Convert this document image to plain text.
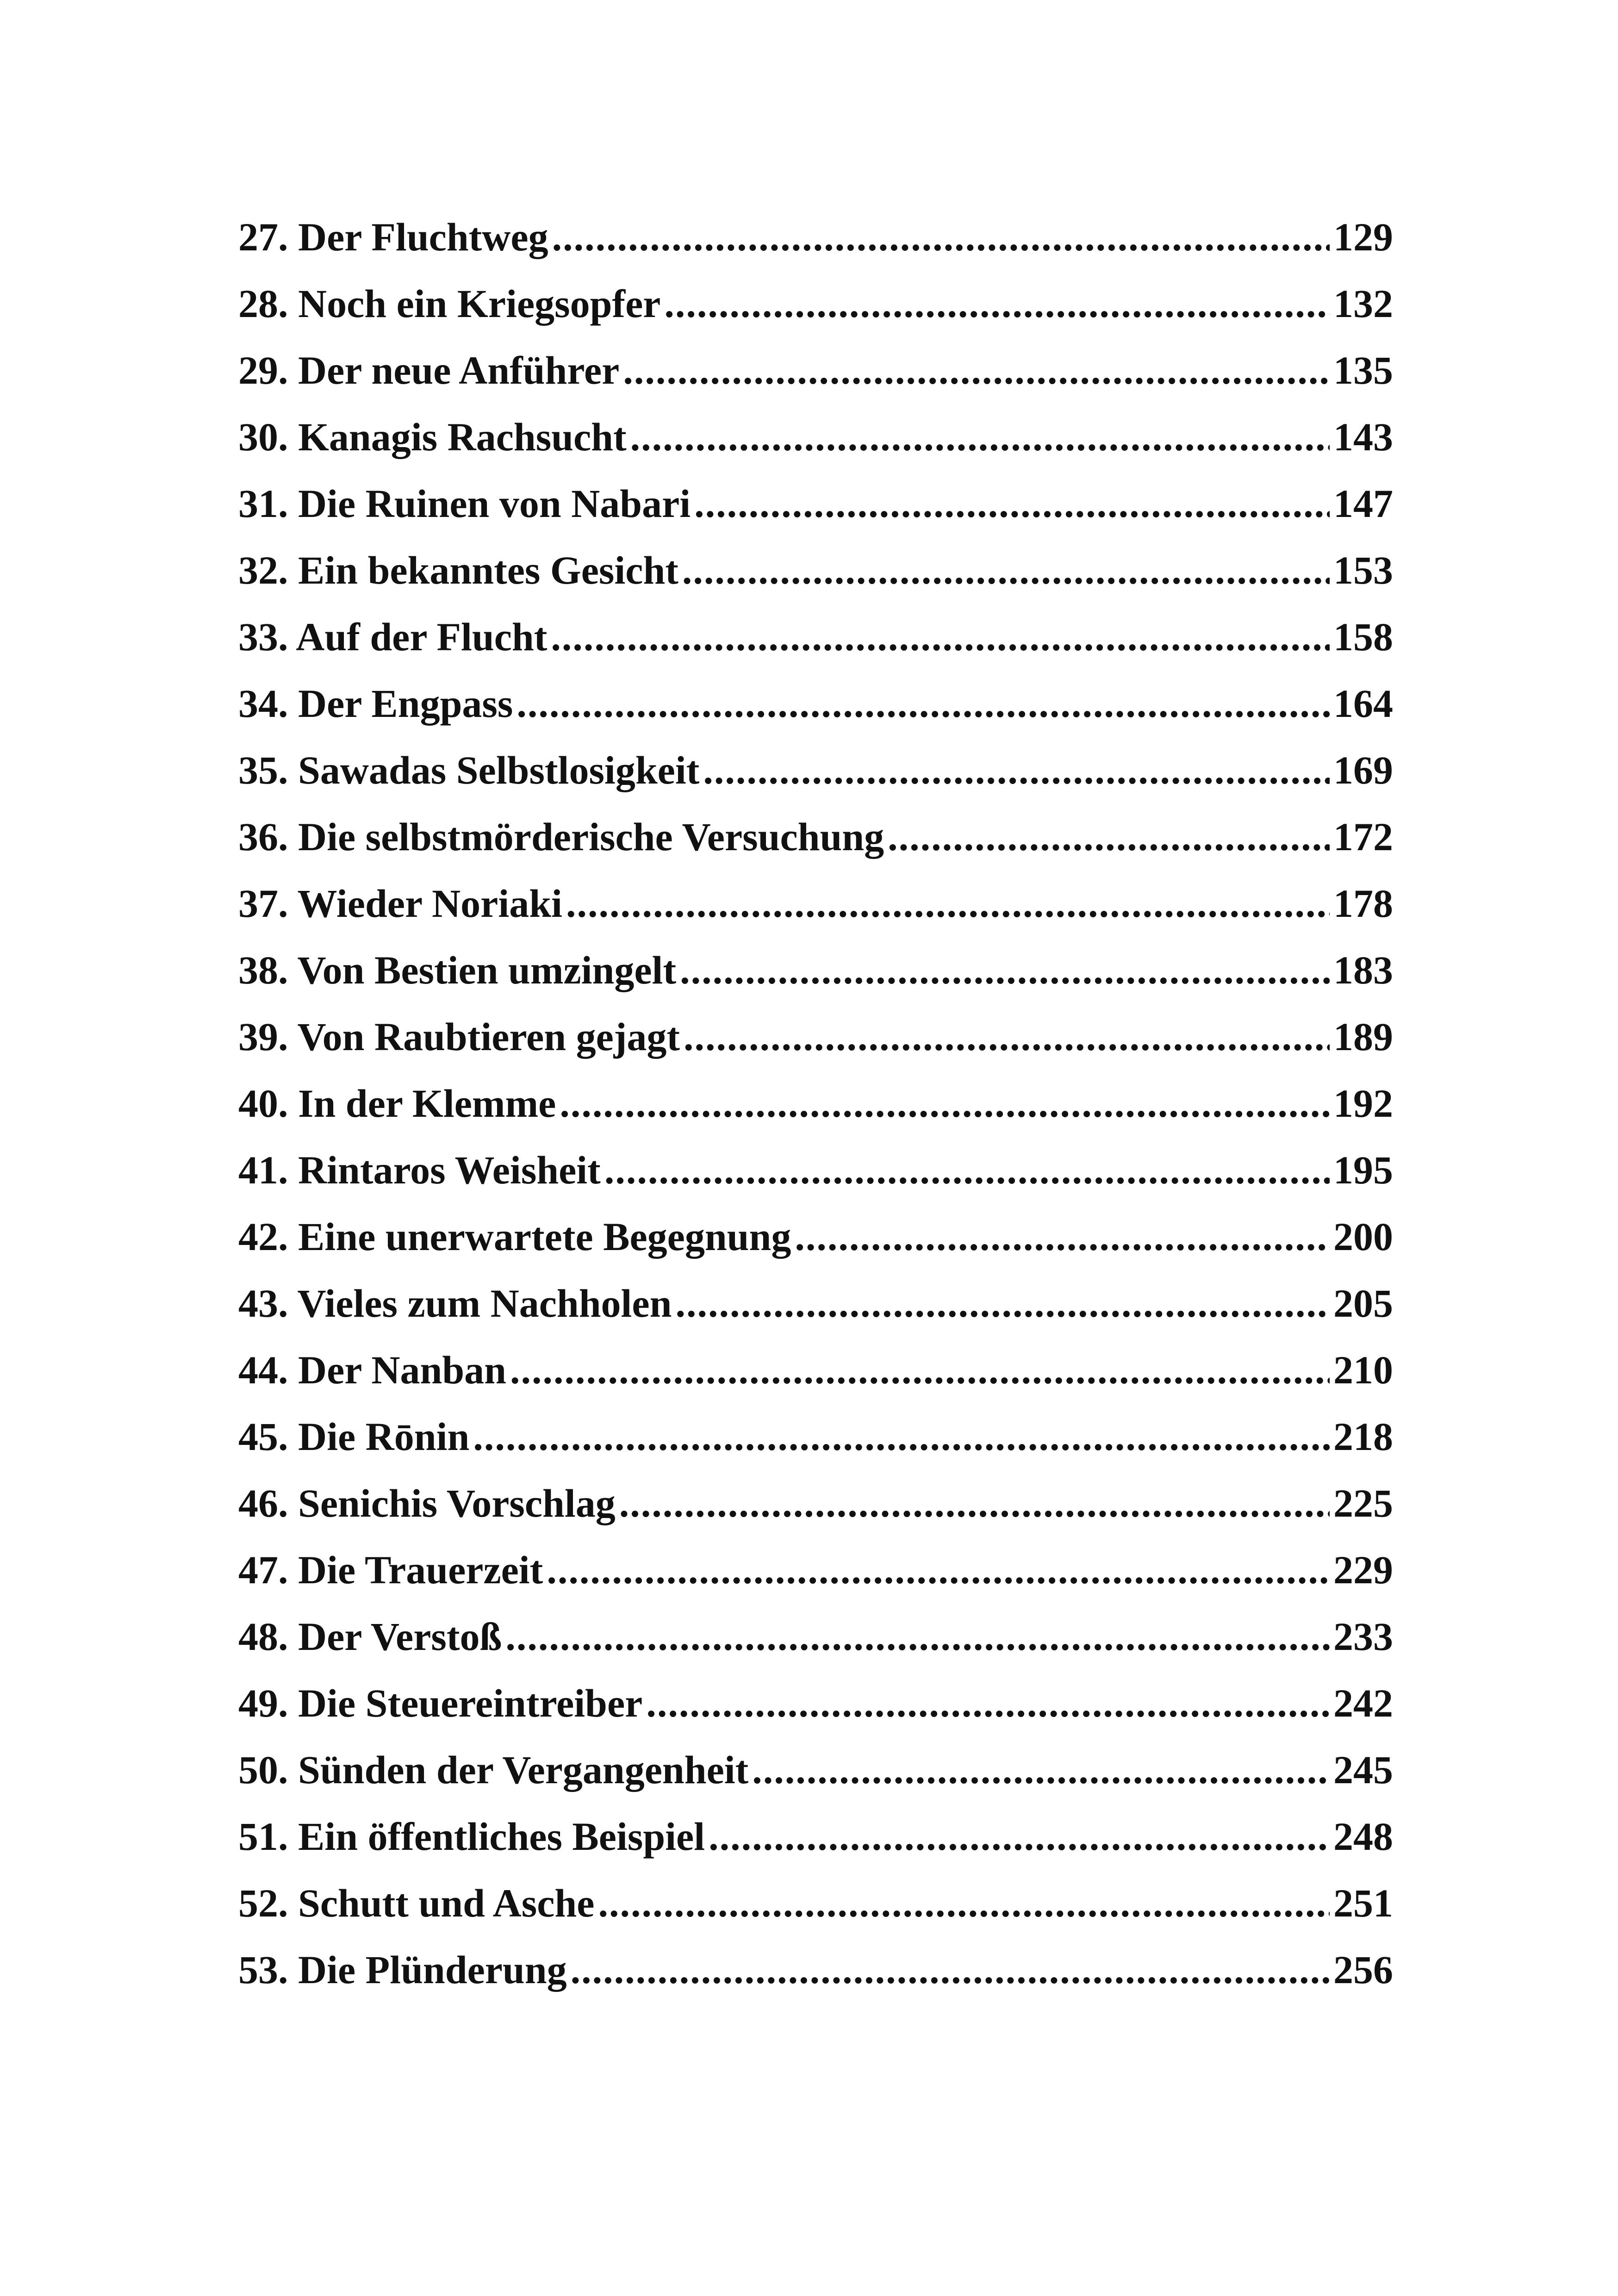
27. Der Fluchtweg .....	129
28. Noch ein Kriegsopfer .....	132
29. Der neue Anführer .....	135
30. Kanagis Rachsucht .....	143
31. Die Ruinen von Nabari .....	147
32. Ein bekanntes Gesicht .....	153
33. Auf der Flucht .....	158
34. Der Engpass .....	164
35. Sawadas Selbstlosigkeit .....	169
36. Die selbstmörderische Versuchung .....	172
37. Wieder Noriaki .....	178
38. Von Bestien umzingelt .....	183
39. Von Raubtieren gejagt .....	189
40. In der Klemme .....	192
41. Rintaros Weisheit .....	195
42. Eine unerwartete Begegnung .....	200
43. Vieles zum Nachholen .....	205
44. Der Nanban .....	210
45. Die Rōnin .....	218
46. Senichis Vorschlag .....	225
47. Die Trauerzeit .....	229
48. Der Verstoß .....	233
49. Die Steuereintreiber .....	242
50. Sünden der Vergangenheit .....	245
51. Ein öffentliches Beispiel .....	248
52. Schutt und Asche .....	251
53. Die Plünderung .....	256
